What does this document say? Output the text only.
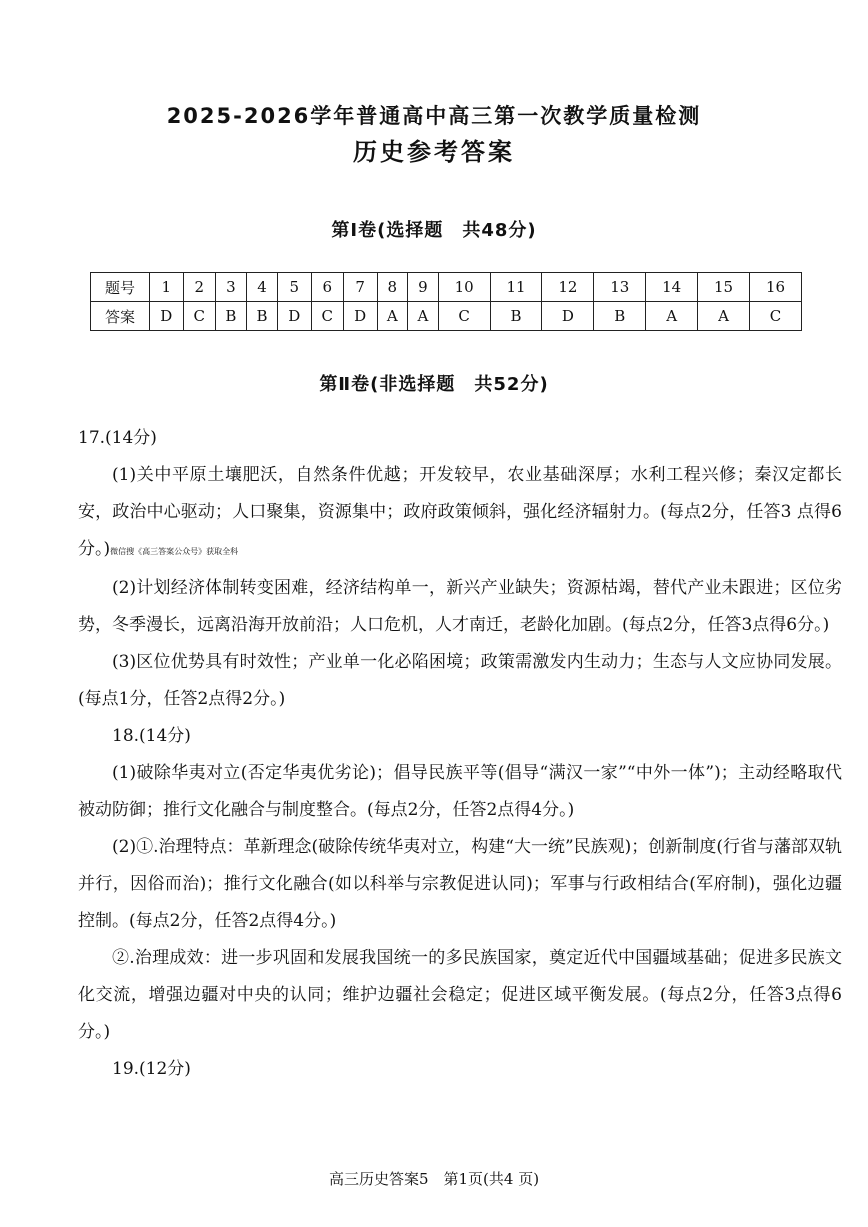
2025-2026学年普通高中高三第一次教学质量检测
历史参考答案
第Ⅰ卷(选择题　共48分)
题号	1	2	3	4	5	6	7	8	9	10	11	12	13	14	15	16
答案	D	C	B	B	D	C	D	A	A	C	B	D	B	A	A	C
第Ⅱ卷(非选择题　共52分)

17.(14分)

(1)关中平原土壤肥沃，自然条件优越；开发较早，农业基础深厚；水利工程兴修；秦汉定都长安，政治中心驱动；人口聚集，资源集中；政府政策倾斜，强化经济辐射力。(每点2分，任答3 点得6分。)微信搜《高三答案公众号》获取全科

(2)计划经济体制转变困难，经济结构单一，新兴产业缺失；资源枯竭，替代产业未跟进；区位劣势，冬季漫长，远离沿海开放前沿；人口危机，人才南迁，老龄化加剧。(每点2分，任答3点得6分。)

(3)区位优势具有时效性；产业单一化必陷困境；政策需激发内生动力；生态与人文应协同发展。(每点1分，任答2点得2分。)

18.(14分)

(1)破除华夷对立(否定华夷优劣论)；倡导民族平等(倡导“满汉一家”“中外一体”)；主动经略取代被动防御；推行文化融合与制度整合。(每点2分，任答2点得4分。)

(2)①.治理特点：革新理念(破除传统华夷对立，构建“大一统”民族观)；创新制度(行省与藩部双轨并行，因俗而治)；推行文化融合(如以科举与宗教促进认同)；军事与行政相结合(军府制)，强化边疆控制。(每点2分，任答2点得4分。)

②.治理成效：进一步巩固和发展我国统一的多民族国家，奠定近代中国疆域基础；促进多民族文化交流，增强边疆对中央的认同；维护边疆社会稳定；促进区域平衡发展。(每点2分，任答3点得6分。)

19.(12分)

高三历史答案5　第1页(共4 页)
